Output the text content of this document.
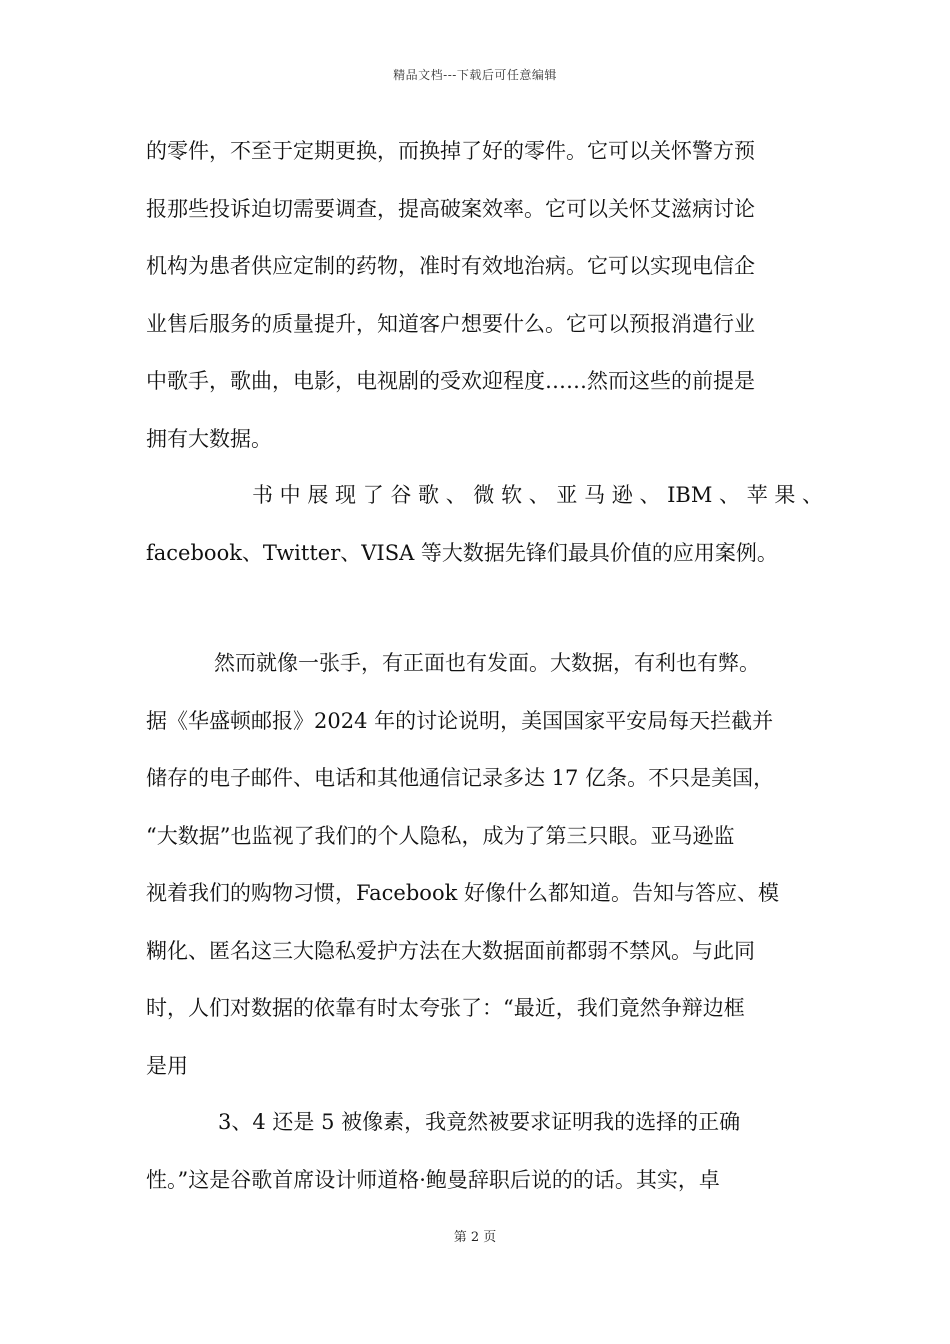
精品文档---下载后可任意编辑
的零件，不至于定期更换，而换掉了好的零件。它可以关怀警方预
报那些投诉迫切需要调查，提高破案效率。它可以关怀艾滋病讨论
机构为患者供应定制的药物，准时有效地治病。它可以实现电信企
业售后服务的质量提升，知道客户想要什么。它可以预报消遣行业
中歌手，歌曲，电影，电视剧的受欢迎程度……然而这些的前提是
拥有大数据。
书 中 展 现 了 谷 歌 、 微 软 、 亚 马 逊 、 IBM 、 苹 果 、
facebook、Twitter、VISA 等大数据先锋们最具价值的应用案例。
然而就像一张手，有正面也有发面。大数据，有利也有弊。
据《华盛顿邮报》2024 年的讨论说明，美国国家平安局每天拦截并
储存的电子邮件、电话和其他通信记录多达 17 亿条。不只是美国，
“大数据”也监视了我们的个人隐私，成为了第三只眼。亚马逊监
视着我们的购物习惯，Facebook 好像什么都知道。告知与答应、模
糊化、匿名这三大隐私爱护方法在大数据面前都弱不禁风。与此同
时，人们对数据的依靠有时太夸张了：“最近，我们竟然争辩边框
是用
3、4 还是 5 被像素，我竟然被要求证明我的选择的正确
性。”这是谷歌首席设计师道格·鲍曼辞职后说的的话。其实，卓
第 2 页
